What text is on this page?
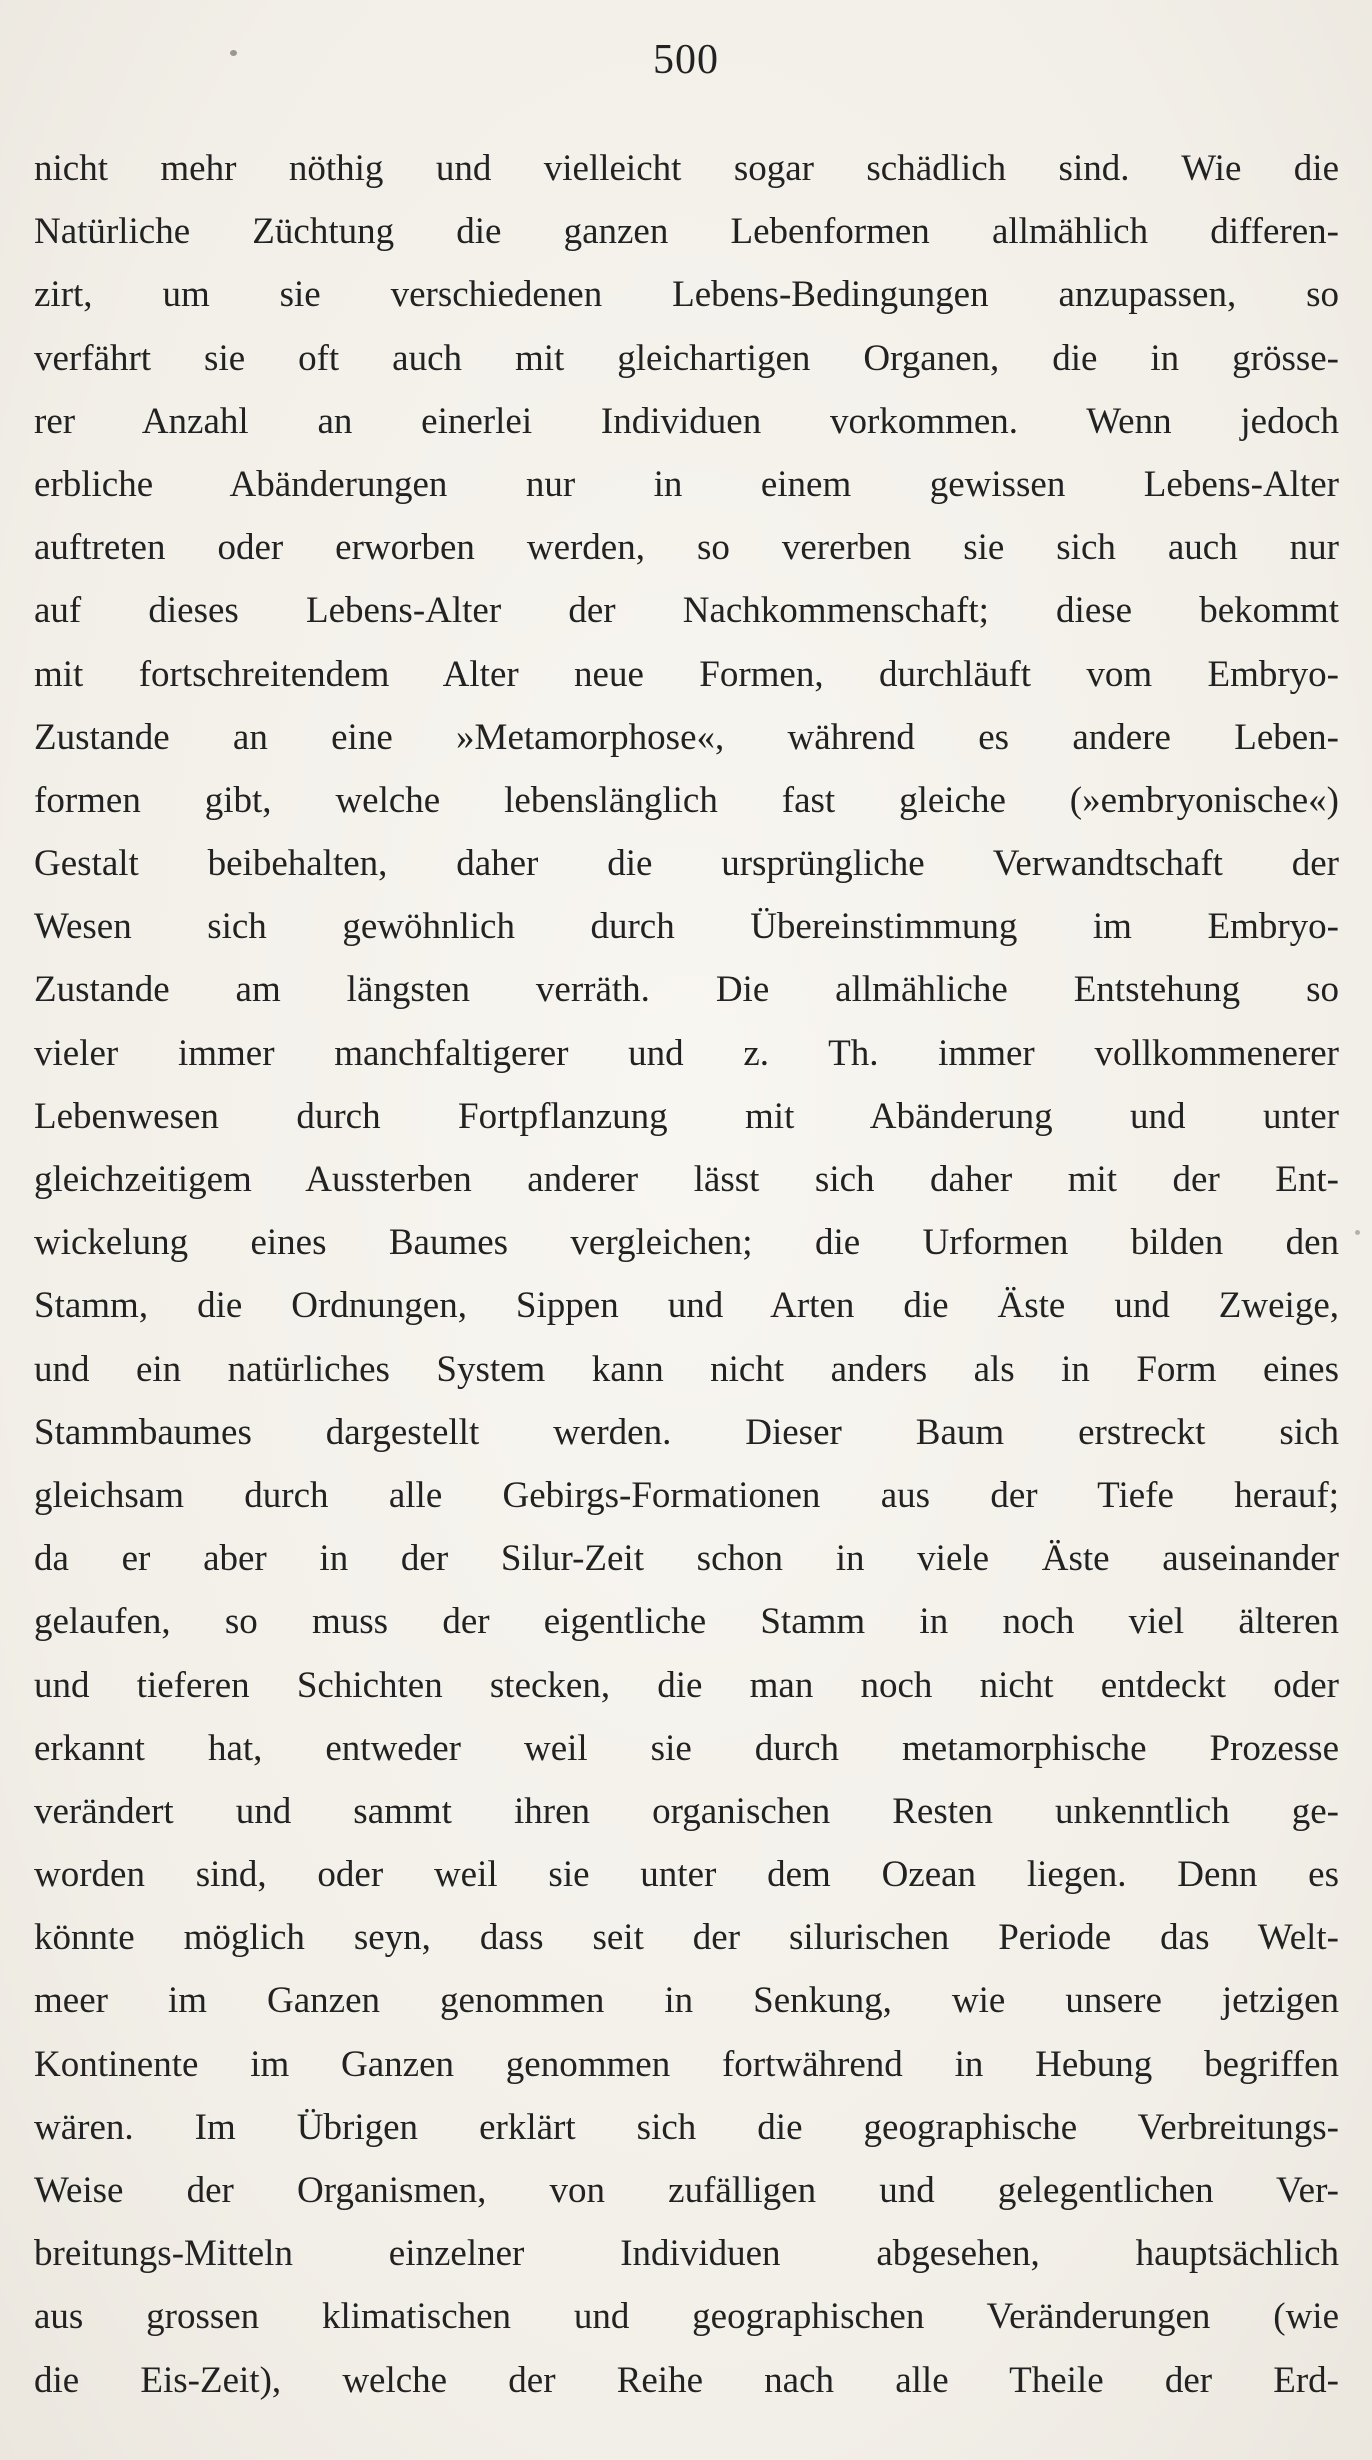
500
nicht mehr nöthig und vielleicht sogar schädlich sind. Wie die
Natürliche Züchtung die ganzen Lebenformen allmählich differen-
zirt, um sie verschiedenen Lebens-Bedingungen anzupassen, so
verfährt sie oft auch mit gleichartigen Organen, die in grösse-
rer Anzahl an einerlei Individuen vorkommen. Wenn jedoch
erbliche Abänderungen nur in einem gewissen Lebens-Alter
auftreten oder erworben werden, so vererben sie sich auch nur
auf dieses Lebens-Alter der Nachkommenschaft; diese bekommt
mit fortschreitendem Alter neue Formen, durchläuft vom Embryo-
Zustande an eine »Metamorphose«, während es andere Leben-
formen gibt, welche lebenslänglich fast gleiche (»embryonische«)
Gestalt beibehalten, daher die ursprüngliche Verwandtschaft der
Wesen sich gewöhnlich durch Übereinstimmung im Embryo-
Zustande am längsten verräth. Die allmähliche Entstehung so
vieler immer manchfaltigerer und z. Th. immer vollkommenerer
Lebenwesen durch Fortpflanzung mit Abänderung und unter
gleichzeitigem Aussterben anderer lässt sich daher mit der Ent-
wickelung eines Baumes vergleichen; die Urformen bilden den
Stamm, die Ordnungen, Sippen und Arten die Äste und Zweige,
und ein natürliches System kann nicht anders als in Form eines
Stammbaumes dargestellt werden. Dieser Baum erstreckt sich
gleichsam durch alle Gebirgs-Formationen aus der Tiefe herauf;
da er aber in der Silur-Zeit schon in viele Äste auseinander
gelaufen, so muss der eigentliche Stamm in noch viel älteren
und tieferen Schichten stecken, die man noch nicht entdeckt oder
erkannt hat, entweder weil sie durch metamorphische Prozesse
verändert und sammt ihren organischen Resten unkenntlich ge-
worden sind, oder weil sie unter dem Ozean liegen. Denn es
könnte möglich seyn, dass seit der silurischen Periode das Welt-
meer im Ganzen genommen in Senkung, wie unsere jetzigen
Kontinente im Ganzen genommen fortwährend in Hebung begriffen
wären. Im Übrigen erklärt sich die geographische Verbreitungs-
Weise der Organismen, von zufälligen und gelegentlichen Ver-
breitungs-Mitteln einzelner Individuen abgesehen, hauptsächlich
aus grossen klimatischen und geographischen Veränderungen (wie
die Eis-Zeit), welche der Reihe nach alle Theile der Erd-
